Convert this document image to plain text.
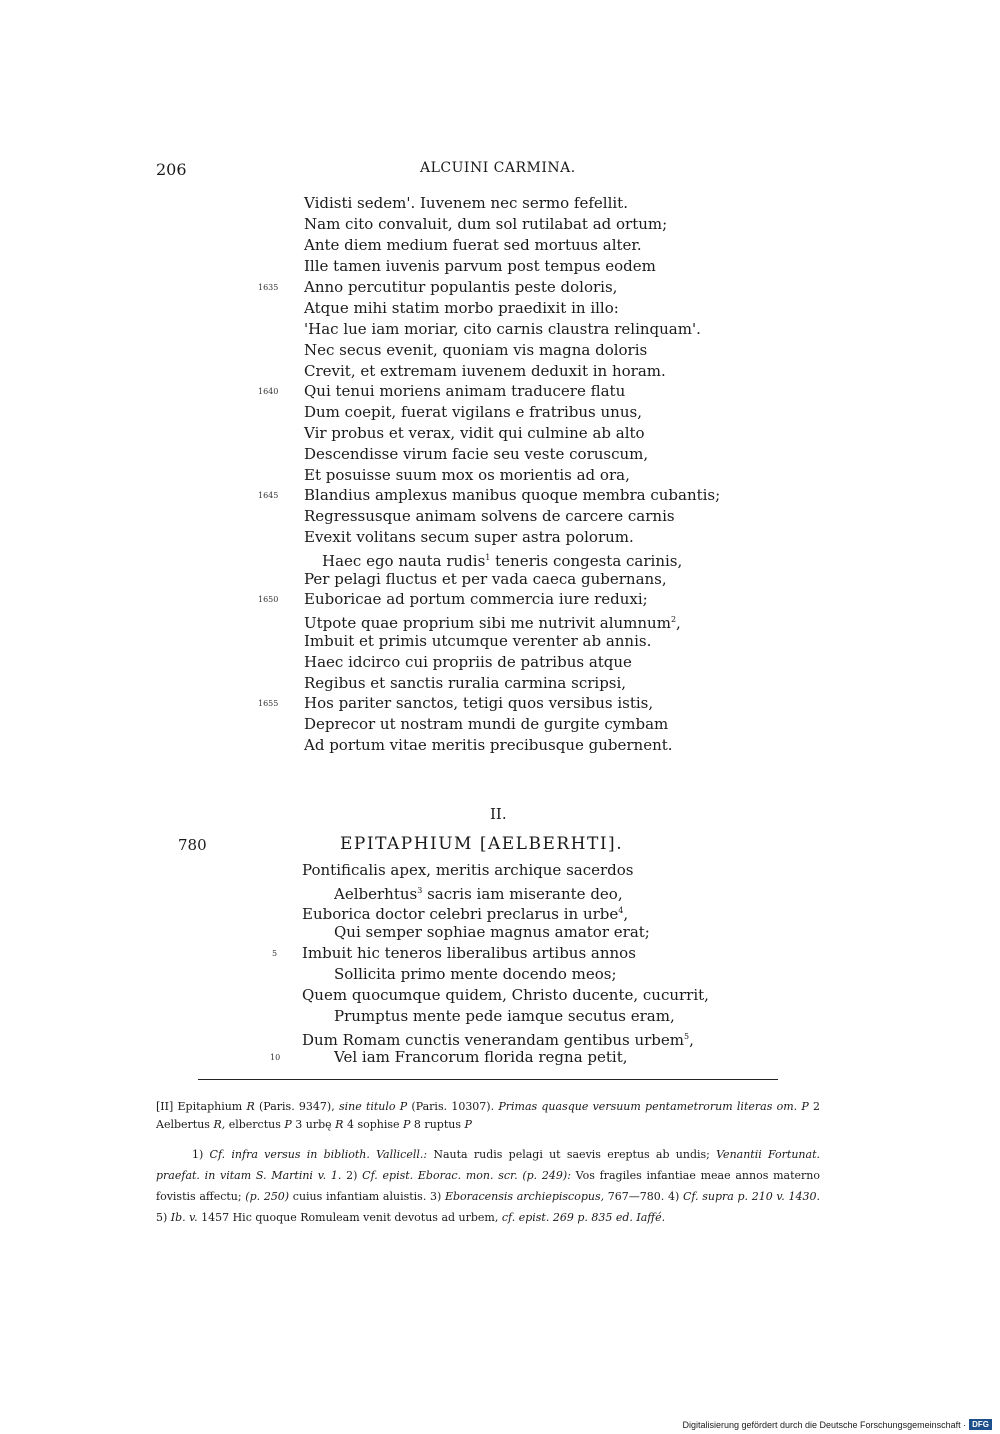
206	ALCUINI CARMINA.
Vidisti sedem'. Iuvenem nec sermo fefellit.
Nam cito convaluit, dum sol rutilabat ad ortum;
Ante diem medium fuerat sed mortuus alter.
Ille tamen iuvenis parvum post tempus eodem
1635 Anno percutitur populantis peste doloris,
Atque mihi statim morbo praedixit in illo:
'Hac lue iam moriar, cito carnis claustra relinquam'.
Nec secus evenit, quoniam vis magna doloris
Crevit, et extremam iuvenem deduxit in horam.
1640 Qui tenui moriens animam traducere flatu
Dum coepit, fuerat vigilans e fratribus unus,
Vir probus et verax, vidit qui culmine ab alto
Descendisse virum facie seu veste coruscum,
Et posuisse suum mox os morientis ad ora,
1645 Blandius amplexus manibus quoque membra cubantis;
Regressusque animam solvens de carcere carnis
Evexit volitans secum super astra polorum.
Haec ego nauta rudis$^1$ teneris congesta carinis,
Per pelagi fluctus et per vada caeca gubernans,
1650 Euboricae ad portum commercia iure reduxi;
Utpote quae proprium sibi me nutrivit alumnum$^2$,
Imbuit et primis utcumque verenter ab annis.
Haec idcirco cui propriis de patribus atque
Regibus et sanctis ruralia carmina scripsi,
1655 Hos pariter sanctos, tetigi quos versibus istis,
Deprecor ut nostram mundi de gurgite cymbam
Ad portum vitae meritis precibusque gubernent.
II.
780	EPITAPHIUM [AELBERHTI].
Pontificalis apex, meritis archique sacerdos
Aelberhtus$^3$ sacris iam miserante deo,
Euborica doctor celebri preclarus in urbe$^4$,
Qui semper sophiae magnus amator erat;
5 Imbuit hic teneros liberalibus artibus annos
Sollicita primo mente docendo meos;
Quem quocumque quidem, Christo ducente, cucurrit,
Prumptus mente pede iamque secutus eram,
Dum Romam cunctis venerandam gentibus urbem$^5$,
10	Vel iam Francorum florida regna petit,
[II] Epitaphium R (Paris. 9347), sine titulo P (Paris. 10307). Primas quasque versuum pentametrorum literas om. P 2 Aelbertus R, elberctus P 3 urbę R 4 sophise P 8 ruptus P

1) Cf. infra versus in biblioth. Vallicell.: Nauta rudis pelagi ut saevis ereptus ab undis; Venantii Fortunat. praefat. in vitam S. Martini v. 1. 2) Cf. epist. Eborac. mon. scr. (p. 249): Vos fragiles infantiae meae annos materno fovistis affectu; (p. 250) cuius infantiam aluistis. 3) Eboracensis archiepiscopus, 767—780. 4) Cf. supra p. 210 v. 1430. 5) Ib. v. 1457 Hic quoque Romuleam venit devotus ad urbem, cf. epist. 269 p. 835 ed. Iaffé.

Digitalisierung gefördert durch die Deutsche Forschungsgemeinschaft · DFG
